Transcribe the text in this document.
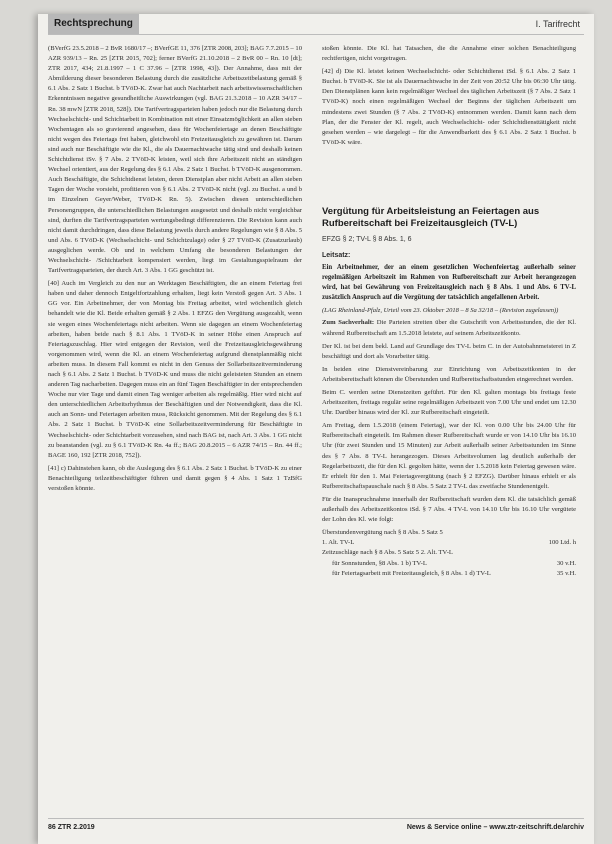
Rechtsprechung	I. Tarifrecht

(BVerfG 23.5.2018 – 2 BvR 1680/17 –; BVerfGE 11, 376 [ZTR 2008, 203]; BAG 7.7.2015 – 10 AZR 939/13 – Rn. 25 [ZTR 2015, 702]; ferner BVerfG 21.10.2018 – 2 BvR 00 – Rn. 10 [dt]; ZTR 2017, 434; 21.8.1997 – 1 C 37.96 – [ZTR 1998, 43]). Der Annahme, dass mit der Abmilderung dieser besonderen Belastung durch die zusätzliche Arbeitszeitbelastung gemäß § 6.1 Abs. 2 Satz 1 Buchst. b TVöD-K. Zwar hat auch Nachtarbeit nach arbeitswissenschaftlichen Erkenntnissen negative gesundheitliche Auswirkungen (vgl. BAG 21.3.2018 – 10 AZR 34/17 – Rn. 38 mwN [ZTR 2018, 528]). Die Tarifvertragsparteien haben jedoch nur die Belastung durch Wechselschicht- und Schichtarbeit in Kombination mit einer Einsatzmöglichkeit an allen sieben Wochentagen als so gravierend angesehen, dass für Wochenfeiertage an denen Beschäftigte nicht wegen des Feiertags frei haben, gleichwohl ein Freizeitausgleich zu gewähren ist. Darum sind auch nur Beschäftigte wie die Kl., die als Dauernachtwache tätig sind und deshalb keinen Schichtdienst iSv. § 7 Abs. 2 TVöD-K leisten, weil sich ihre Arbeitszeit nicht an ständigen Wechsel orientiert, aus der Regelung des § 6.1 Abs. 2 Satz 1 Buchst. b TVöD-K ausgenommen. Auch Beschäftigte, die Schichtdienst leisten, deren Dienstplan aber nicht Arbeit an allen sieben Tagen der Woche vorsieht, profitieren von § 6.1 Abs. 2 TVöD-K nicht (vgl. zu Buchst. a und b im Einzelnen Geyer/Weber, TVöD-K Rn. 5). Zwischen diesen unterschiedlichen Personengruppen, die unterschiedlichen Belastungen ausgesetzt und deshalb nicht vergleichbar sind, durften die Tarifvertragsparteien wertungsbedingt differenzieren. Die Revision kann auch nicht damit durchdringen, dass diese Belastung jeweils durch andere Regelungen wie § 8 Abs. 5 und Abs. 6 TVöD-K (Wechselschicht- und Schichtzulage) oder § 27 TVöD-K (Zusatzurlaub) ausgeglichen werde. Ob und in welchem Umfang die besonderen Belastungen der Wechselschicht- /Schichtarbeit kompensiert werden, liegt im Gestaltungsspielraum der Tarifvertragsparteien, der durch Art. 3 Abs. 1 GG geschützt ist.

[40] Auch im Vergleich zu den nur an Werktagen Beschäftigten, die an einem Feiertag frei haben und daher dennoch Entgeltfortzahlung erhalten, liegt kein Verstoß gegen Art. 3 Abs. 1 GG vor. Ein Arbeitnehmer, der von Montag bis Freitag arbeitet, wird wöchentlich gleich behandelt wie die Kl. Beide erhalten gemäß § 2 Abs. 1 EFZG den Vergütung ausgezahlt, wenn sie wegen eines Wochenfeiertags nicht arbeiten. Wenn sie dagegen an einem Wochenfeiertag arbeiten, haben beide nach § 8.1 Abs. 1 TVöD-K in seiner Höhe einen Anspruch auf Feiertagszuschlag. Hier wird entgegen der Revision, weil die Freizeitausgleichsgewährung vorgenommen wird, wenn die Kl. an einem Wochenfeiertag aufgrund dienstplanmäßig nicht arbeiten muss. In diesem Fall kommt es nicht in den Genuss der Sollarbeitszeitverminderung nach § 6.1 Abs. 2 Satz 1 Buchst. b TVöD-K und muss die nicht geleisteten Stunden an einem anderen Tag nacharbeiten. Dagegen muss ein an fünf Tagen Beschäftigter in der entsprechenden Woche nur vier Tage und damit einen Tag weniger arbeiten als regelmäßig. Hier wird nicht auf den unterschiedlichen Arbeitsrhythmus der Beschäftigten und der Notwendigkeit, dass die Kl. auch an Sonn- und Feiertagen arbeiten muss, Rücksicht genommen. Mit der Regelung des § 6.1 Abs. 2 Satz 1 Buchst. b TVöD-K eine Sollarbeitszeitverminderung für Beschäftigte in Wechselschicht- oder Schichtarbeit vorzusehen, sind nach BAG ist, nach Art. 3 Abs. 1 GG nicht zu beanstanden (vgl. zu § 6.1 TVöD-K Rn. 4a ff.; BAG 20.8.2015 – 6 AZR 74/15 – Rn. 44 ff.; BAGE 160, 192 [ZTR 2018, 752]).

[41] c) Dahinstehen kann, ob die Auslegung des § 6.1 Abs. 2 Satz 1 Buchst. b TVöD-K zu einer Benachteiligung teilzeitbeschäftigter führen und damit gegen § 4 Abs. 1 Satz 1 TzBfG verstoßen könnte.

stoßen könnte. Die Kl. hat Tatsachen, die die Annahme einer solchen Benachteiligung rechtfertigen, nicht vorgetragen.

[42] d) Die Kl. leistet keinen Wechselschicht- oder Schichtdienst iSd. § 6.1 Abs. 2 Satz 1 Buchst. b TVöD-K. Sie ist als Dauernachtwache in der Zeit von 20:52 Uhr bis 06:30 Uhr tätig. Den Dienstplänen kann kein regelmäßiger Wechsel des täglichen Arbeitszeit (§ 7 Abs. 2 Satz 1 TVöD-K) noch einen regelmäßigen Wechsel der Beginns der täglichen Arbeitszeit um mindestens zwei Stunden (§ 7 Abs. 2 TVöD-K) entnommen werden. Damit kann nach dem Plan, der die Fenster der Kl. regelt, auch Wechselschicht- oder Schichtdiensttätigkeit nicht gesehen werden – wie dargelegt – für die Anwendbarkeit des § 6.1 Abs. 2 Satz 1 Buchst. b TVöD-K wäre.

Vergütung für Arbeitsleistung an Feiertagen aus Rufbereitschaft bei Freizeitausgleich (TV-L)
EFZG § 2; TV-L § 8 Abs. 1, 6
Leitsatz:

Ein Arbeitnehmer, der an einem gesetzlichen Wochenfeiertag außerhalb seiner regelmäßigen Arbeitszeit im Rahmen von Rufbereitschaft zur Arbeit herangezogen wird, hat bei Gewährung von Freizeitausgleich nach § 8 Abs. 1 und Abs. 6 TV-L zusätzlich Anspruch auf die Vergütung der tatsächlich angefallenen Arbeit.

(LAG Rheinland-Pfalz, Urteil vom 23. Oktober 2018 – 8 Sa 32/18 – (Revision zugelassen))

Zum Sachverhalt: Die Parteien streiten über die Gutschrift von Arbeitsstunden, die der Kl. während Rufbereitschaft am 1.5.2018 leistete, auf seinem Arbeitszeitkonto.

Der Kl. ist bei dem bekl. Land auf Grundlage des TV-L beim C. in der Autobahnmeisterei in Z beschäftigt und dort als Vorarbeiter tätig.

In beiden eine Dienstvereinbarung zur Einrichtung von Arbeitszeitkonten in der Arbeitsbereitschaft können die Überstunden und Rufbereitschaftsstunden eingerechnet werden.

Beim C. werden seine Dienstzeiten geführt. Für den Kl. galten montags bis freitags feste Arbeitszeiten, freitags regulär seine regelmäßigen Arbeitszeit von 7.00 Uhr und endet um 12.30 Uhr. Darüber hinaus wird der Kl. zur Rufbereitschaft eingeteilt.

Am Freitag, dem 1.5.2018 (einem Feiertag), war der Kl. von 0.00 Uhr bis 24.00 Uhr für Rufbereitschaft eingeteilt. Im Rahmen dieser Rufbereitschaft wurde er von 14.10 Uhr bis 16.10 Uhr (für zwei Stunden und 15 Minuten) zur Arbeit außerhalb seiner Arbeitsstunden im Sinne des § 7 Abs. 8 TV-L herangezogen. Dieses Arbeitsvolumen lag deutlich außerhalb der Regelarbeitszeit, die für den Kl. gegolten hätte, wenn der 1.5.2018 kein Feiertag gewesen wäre. Er erhielt für den 1. Mai Feiertagsvergütung (nach § 2 EFZG). Darüber hinaus erhielt er als Rufbereitschaftspauschale nach § 8 Abs. 5 Satz 2 TV-L das zweifache Stundenentgelt.

Für die Inanspruchnahme innerhalb der Rufbereitschaft wurden dem Kl. die tatsächlich gemäß außerhalb des Arbeitszeitkontos iSd. § 7 Abs. 4 TV-L von 14.10 Uhr bis 16.10 Uhr vergütete der Lohn des Kl. wie folgt:

Überstundenvergütung nach § 8 Abs. 5 Satz 5
1. Alt. TV-L	100 Ltd. h
Zeitzuschläge nach § 8 Abs. 5 Satz 5 2. Alt. TV-L
für Sonnstunden, §8 Abs. 1 b) TV-L	30 v.H.
für Feiertagsarbeit mit Freizeitausgleich, § 8 Abs. 1 d) TV-L	35 v.H.
86 ZTR 2.2019	News & Service online – www.ztr-zeitschrift.de/archiv
